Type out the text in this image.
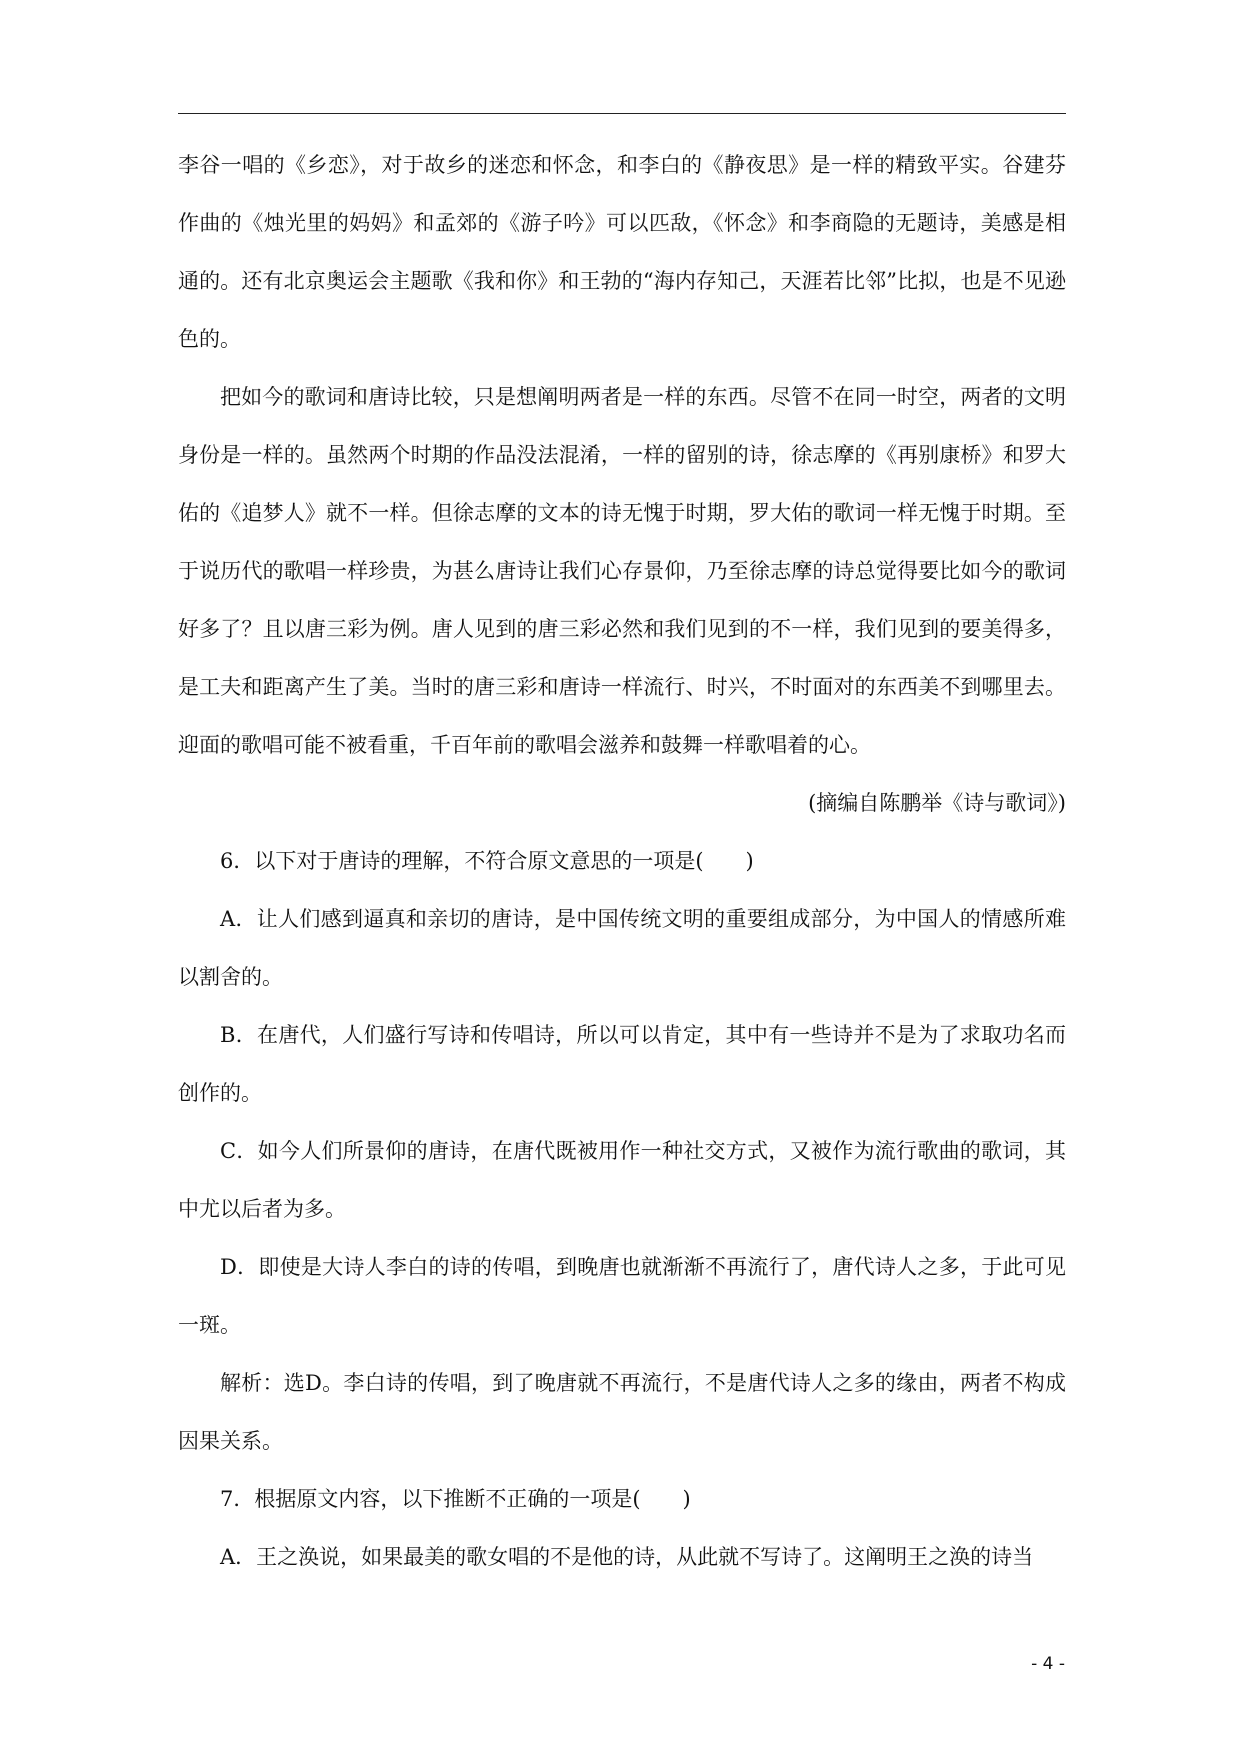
李谷一唱的《乡恋》，对于故乡的迷恋和怀念，和李白的《静夜思》是一样的精致平实。谷建芬作曲的《烛光里的妈妈》和孟郊的《游子吟》可以匹敌，《怀念》和李商隐的无题诗，美感是相通的。还有北京奥运会主题歌《我和你》和王勃的“海内存知己，天涯若比邻”比拟，也是不见逊色的。

把如今的歌词和唐诗比较，只是想阐明两者是一样的东西。尽管不在同一时空，两者的文明身份是一样的。虽然两个时期的作品没法混淆，一样的留别的诗，徐志摩的《再别康桥》和罗大佑的《追梦人》就不一样。但徐志摩的文本的诗无愧于时期，罗大佑的歌词一样无愧于时期。至于说历代的歌唱一样珍贵，为甚么唐诗让我们心存景仰，乃至徐志摩的诗总觉得要比如今的歌词好多了？且以唐三彩为例。唐人见到的唐三彩必然和我们见到的不一样，我们见到的要美得多，是工夫和距离产生了美。当时的唐三彩和唐诗一样流行、时兴，不时面对的东西美不到哪里去。迎面的歌唱可能不被看重，千百年前的歌唱会滋养和鼓舞一样歌唱着的心。

(摘编自陈鹏举《诗与歌词》)

6．以下对于唐诗的理解，不符合原文意思的一项是(　　)

A．让人们感到逼真和亲切的唐诗，是中国传统文明的重要组成部分，为中国人的情感所难以割舍的。

B．在唐代，人们盛行写诗和传唱诗，所以可以肯定，其中有一些诗并不是为了求取功名而创作的。

C．如今人们所景仰的唐诗，在唐代既被用作一种社交方式，又被作为流行歌曲的歌词，其中尤以后者为多。

D．即使是大诗人李白的诗的传唱，到晚唐也就渐渐不再流行了，唐代诗人之多，于此可见一斑。

解析：选D。李白诗的传唱，到了晚唐就不再流行，不是唐代诗人之多的缘由，两者不构成因果关系。

7．根据原文内容，以下推断不正确的一项是(　　)

A．王之涣说，如果最美的歌女唱的不是他的诗，从此就不写诗了。这阐明王之涣的诗当

- 4 -
